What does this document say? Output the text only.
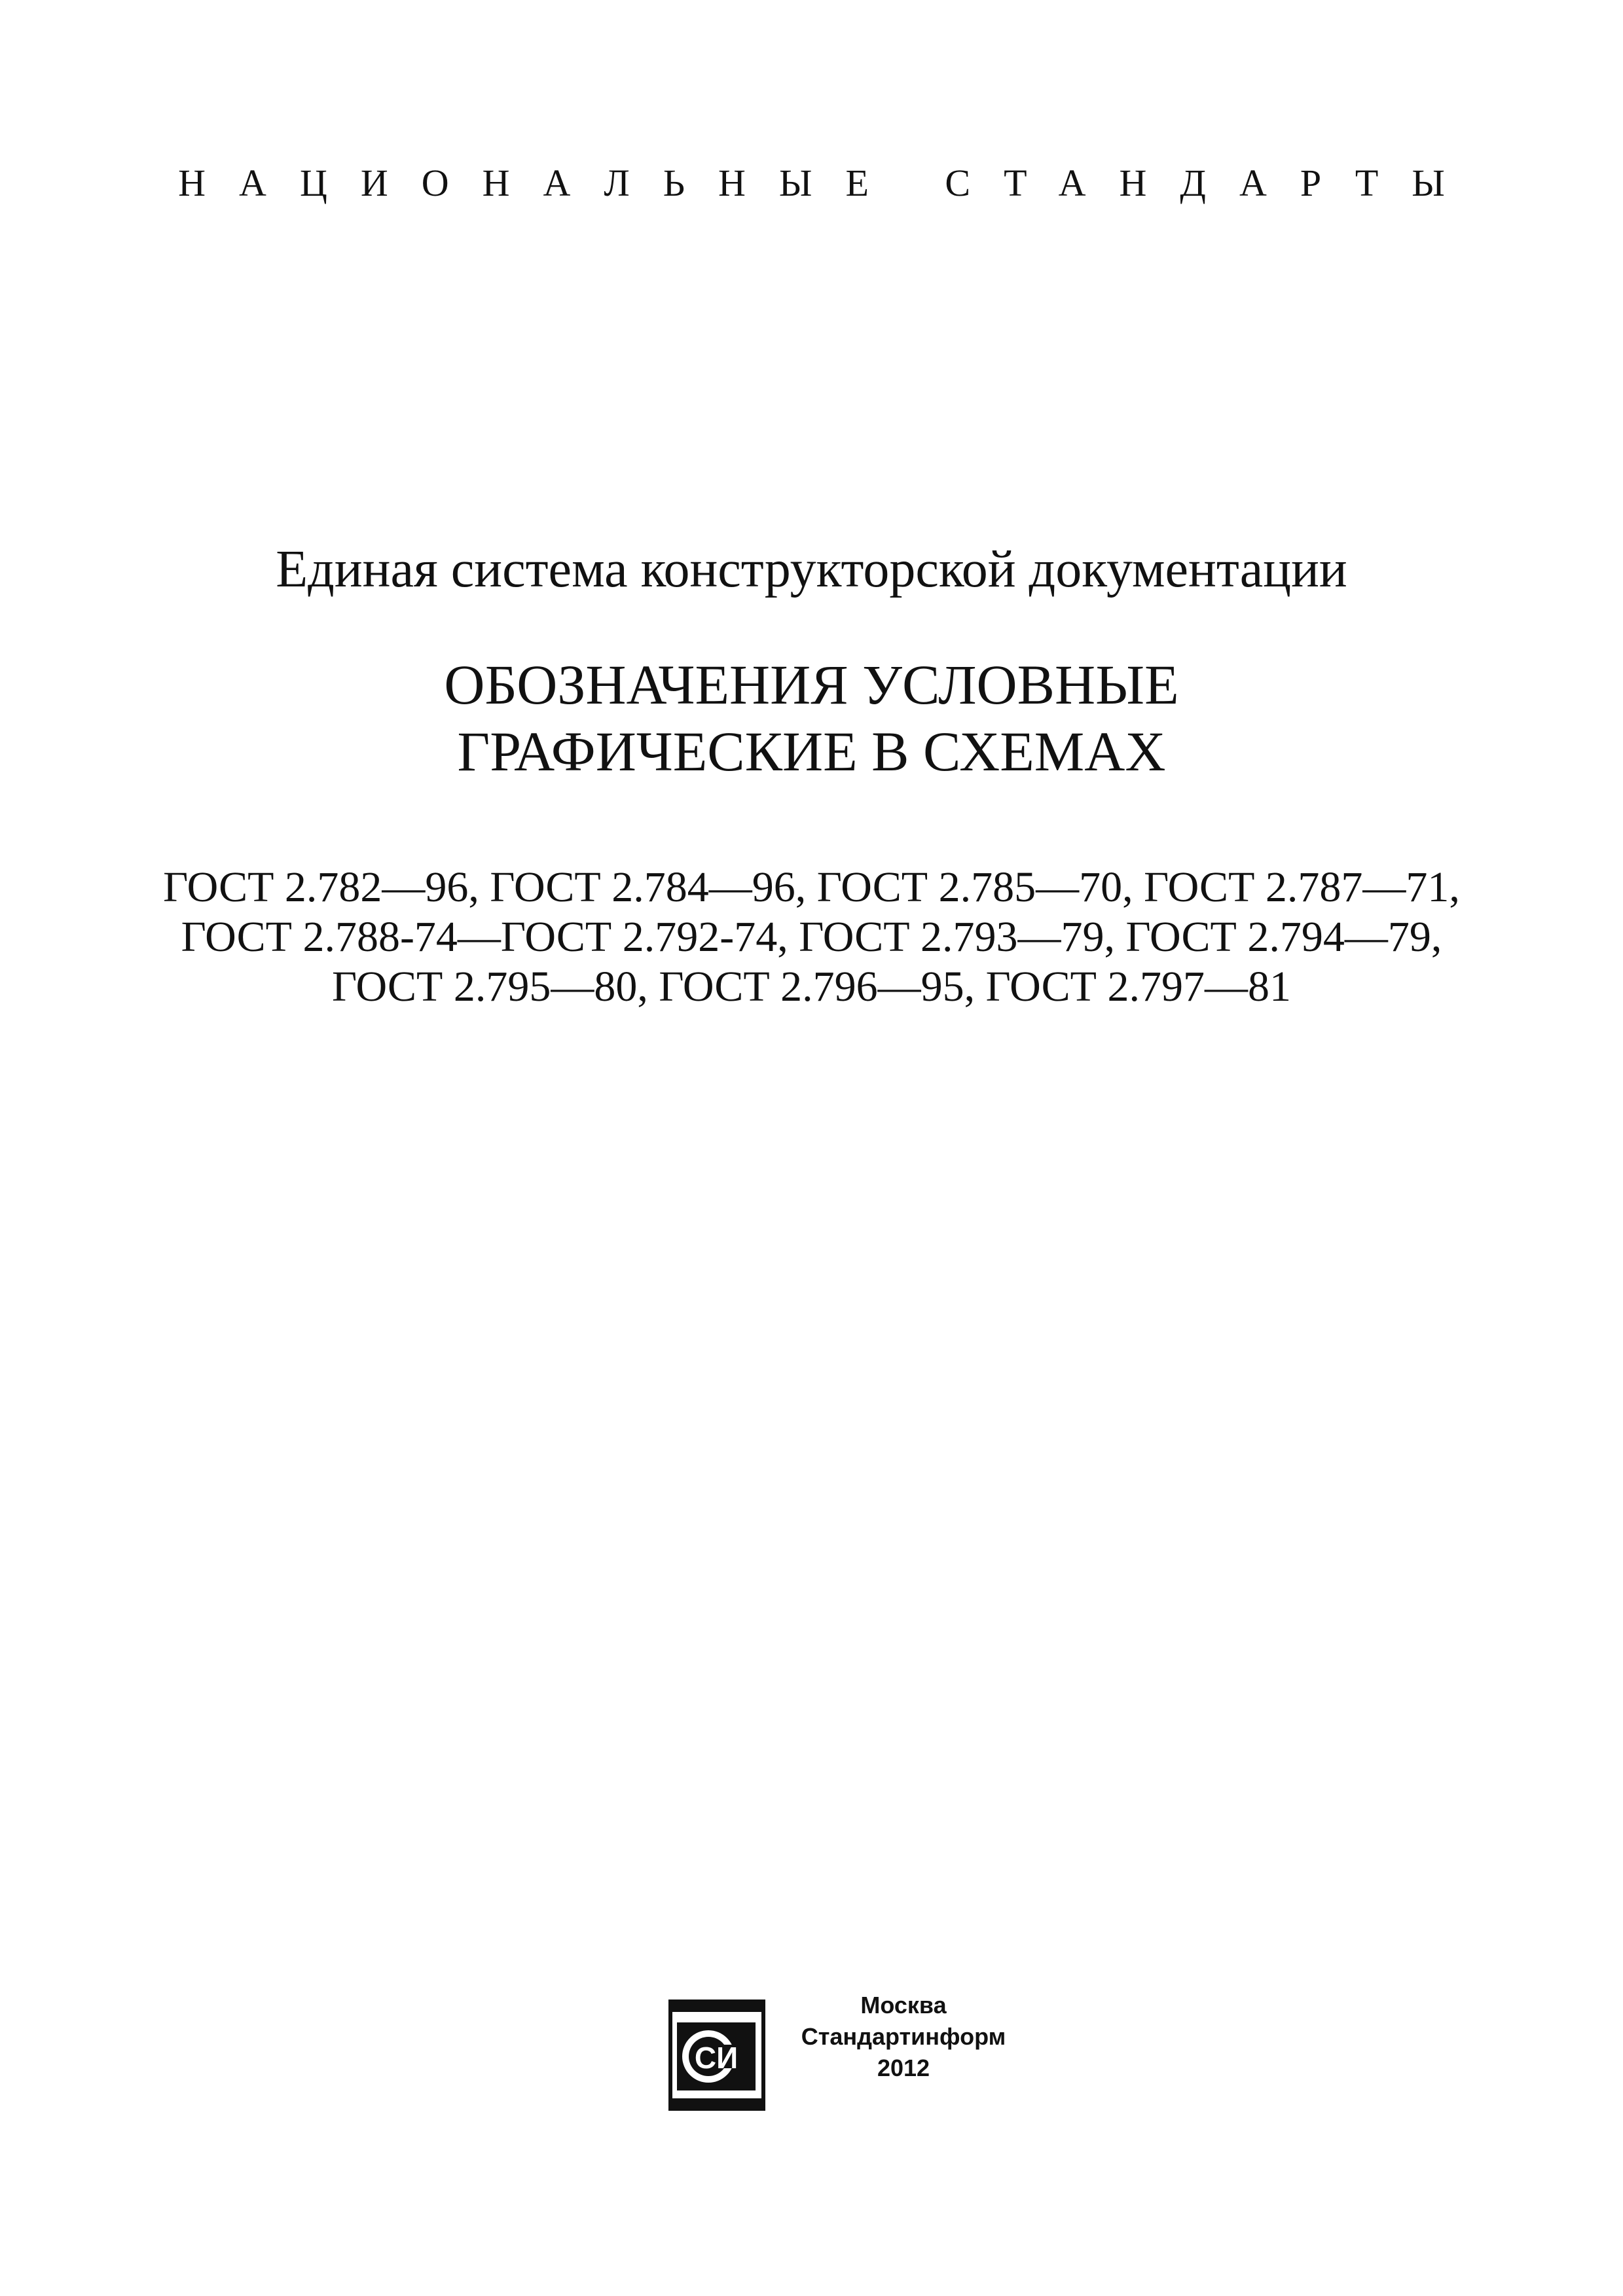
НАЦИОНАЛЬНЫЕ СТАНДАРТЫ
Единая система конструкторской документации
ОБОЗНАЧЕНИЯ УСЛОВНЫЕ
ГРАФИЧЕСКИЕ В СХЕМАХ
ГОСТ 2.782—96, ГОСТ 2.784—96, ГОСТ 2.785—70, ГОСТ 2.787—71,
ГОСТ 2.788-74—ГОСТ 2.792-74, ГОСТ 2.793—79, ГОСТ 2.794—79,
ГОСТ 2.795—80, ГОСТ 2.796—95, ГОСТ 2.797—81
СИ
Москва
Стандартинформ
2012
